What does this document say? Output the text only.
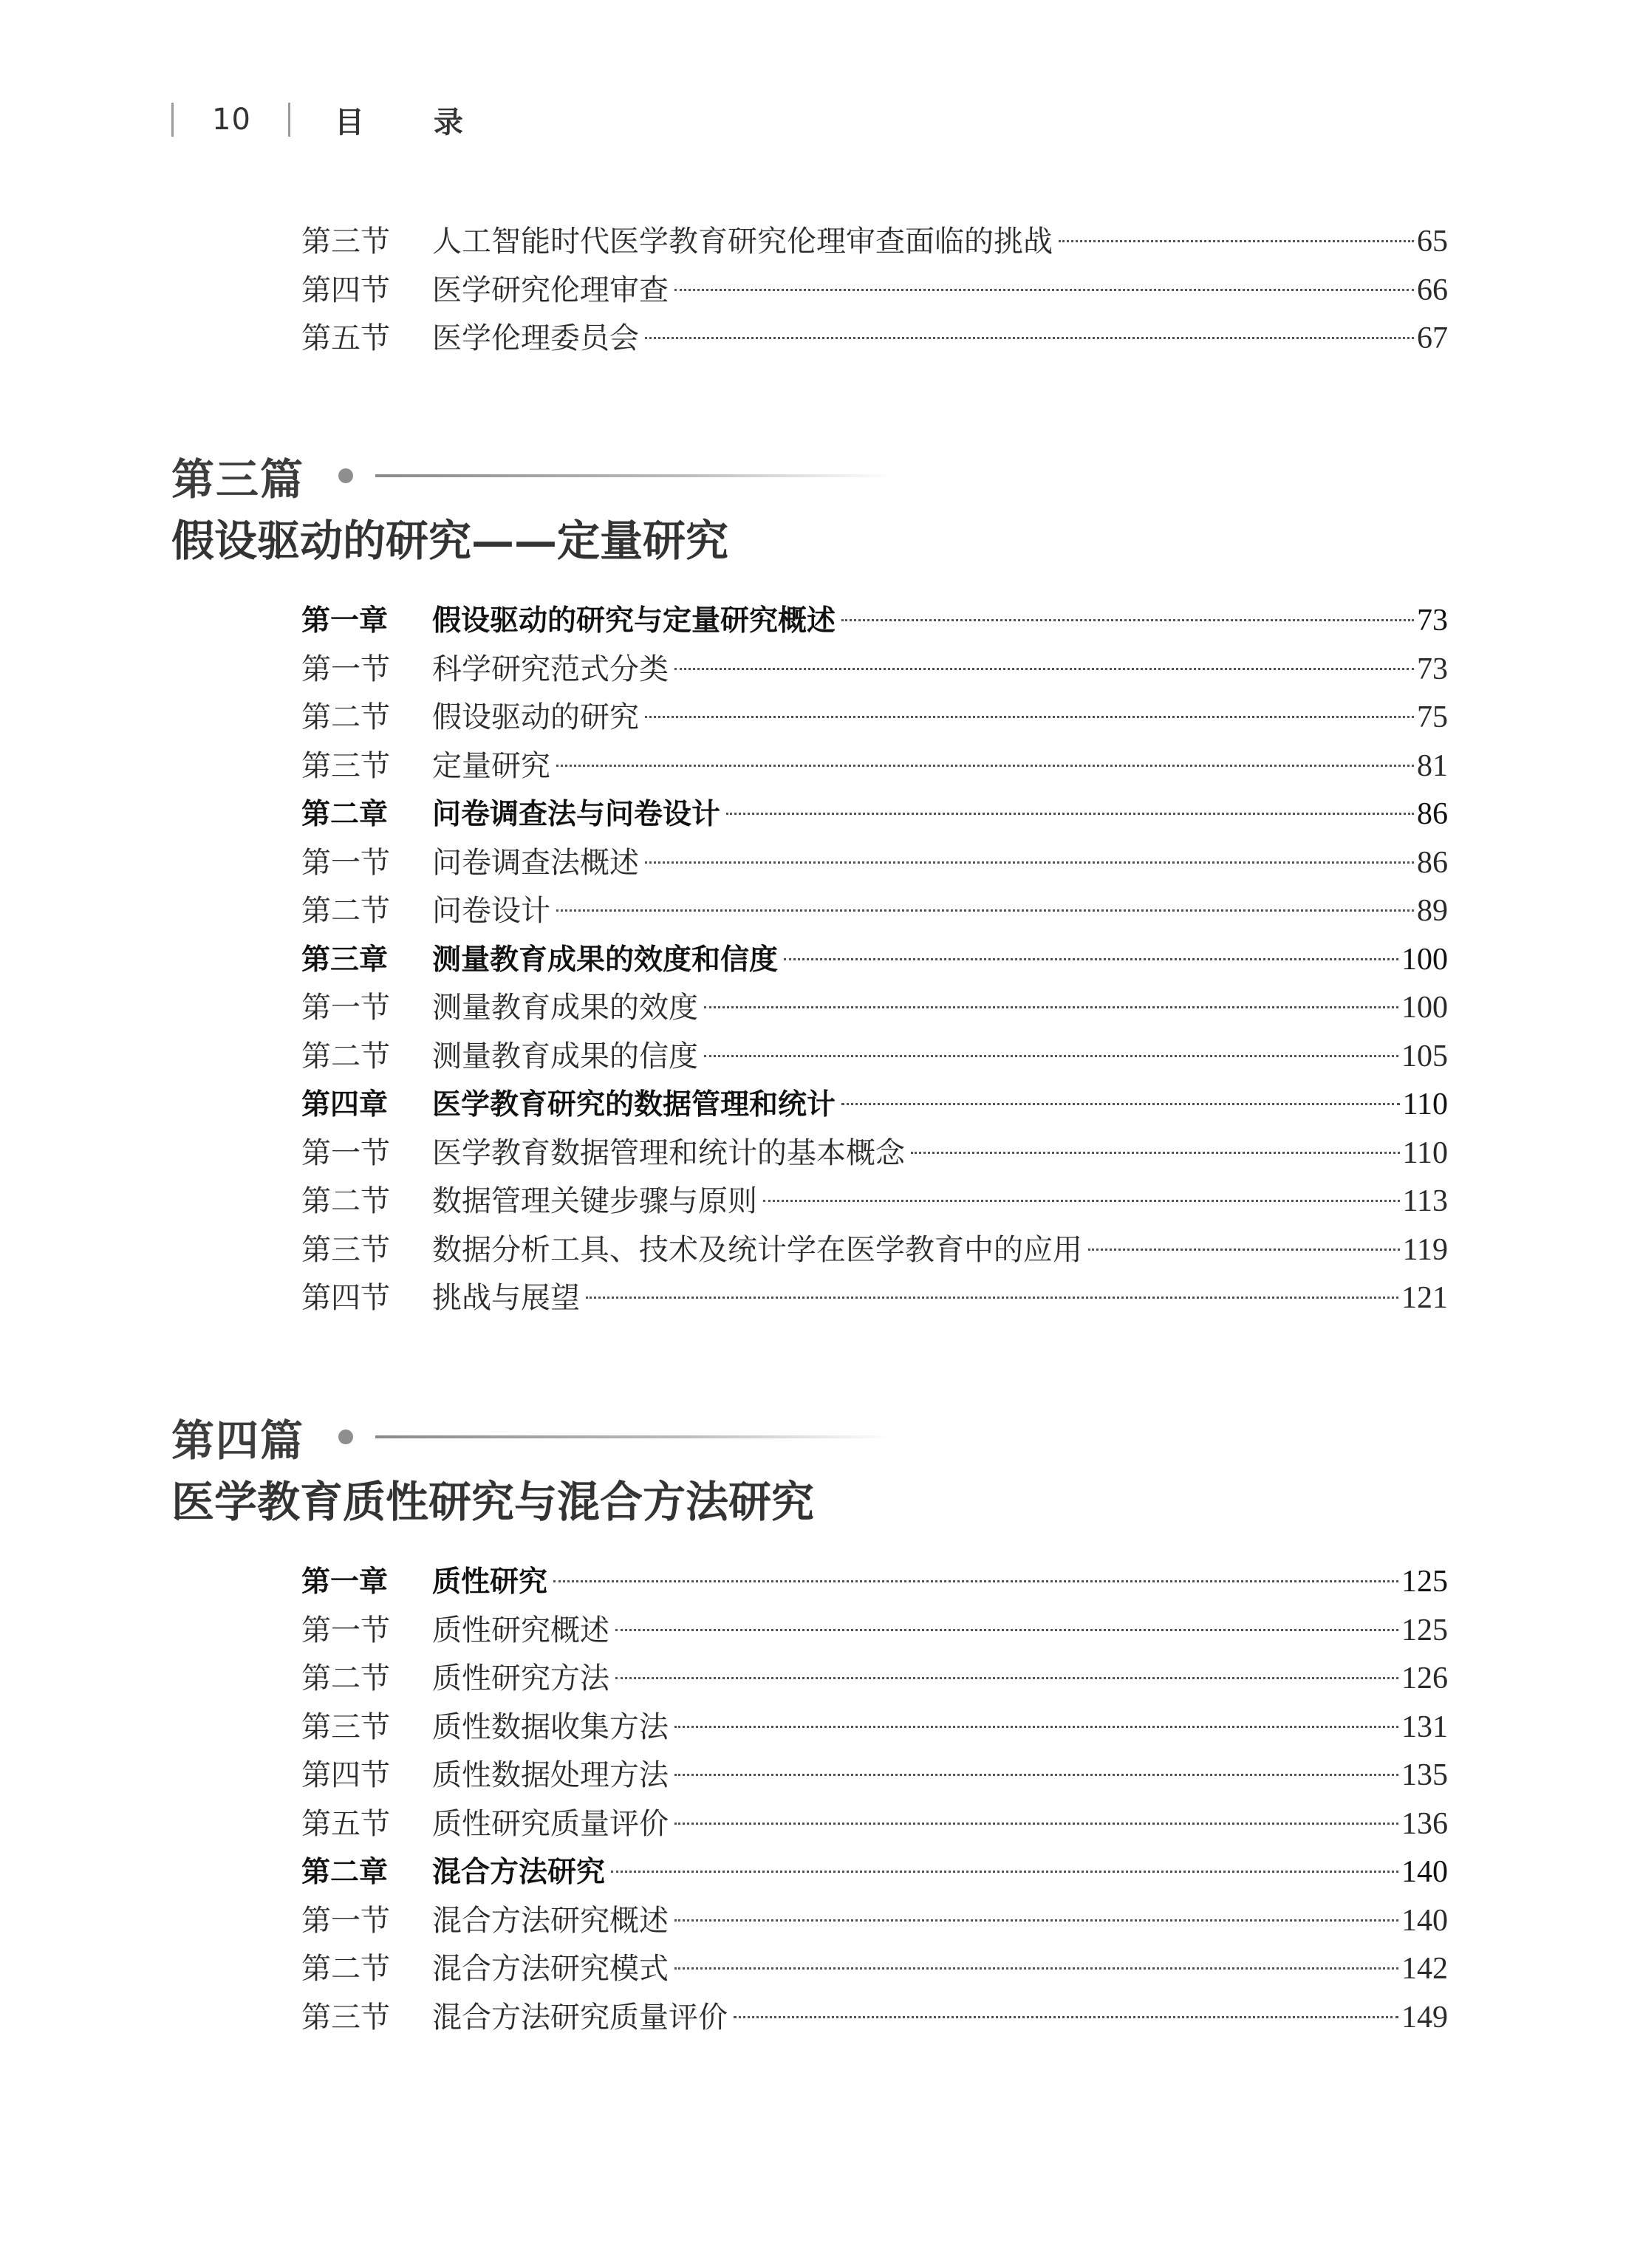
10	目 录
第三节	人工智能时代医学教育研究伦理审查面临的挑战	65
第四节	医学研究伦理审查	66
第五节	医学伦理委员会	67
第三篇
假设驱动的研究——定量研究
第一章	假设驱动的研究与定量研究概述	73
第一节	科学研究范式分类	73
第二节	假设驱动的研究	75
第三节	定量研究	81
第二章	问卷调查法与问卷设计	86
第一节	问卷调查法概述	86
第二节	问卷设计	89
第三章	测量教育成果的效度和信度	100
第一节	测量教育成果的效度	100
第二节	测量教育成果的信度	105
第四章	医学教育研究的数据管理和统计	110
第一节	医学教育数据管理和统计的基本概念	110
第二节	数据管理关键步骤与原则	113
第三节	数据分析工具、技术及统计学在医学教育中的应用	119
第四节	挑战与展望	121
第四篇
医学教育质性研究与混合方法研究
第一章	质性研究	125
第一节	质性研究概述	125
第二节	质性研究方法	126
第三节	质性数据收集方法	131
第四节	质性数据处理方法	135
第五节	质性研究质量评价	136
第二章	混合方法研究	140
第一节	混合方法研究概述	140
第二节	混合方法研究模式	142
第三节	混合方法研究质量评价	149
